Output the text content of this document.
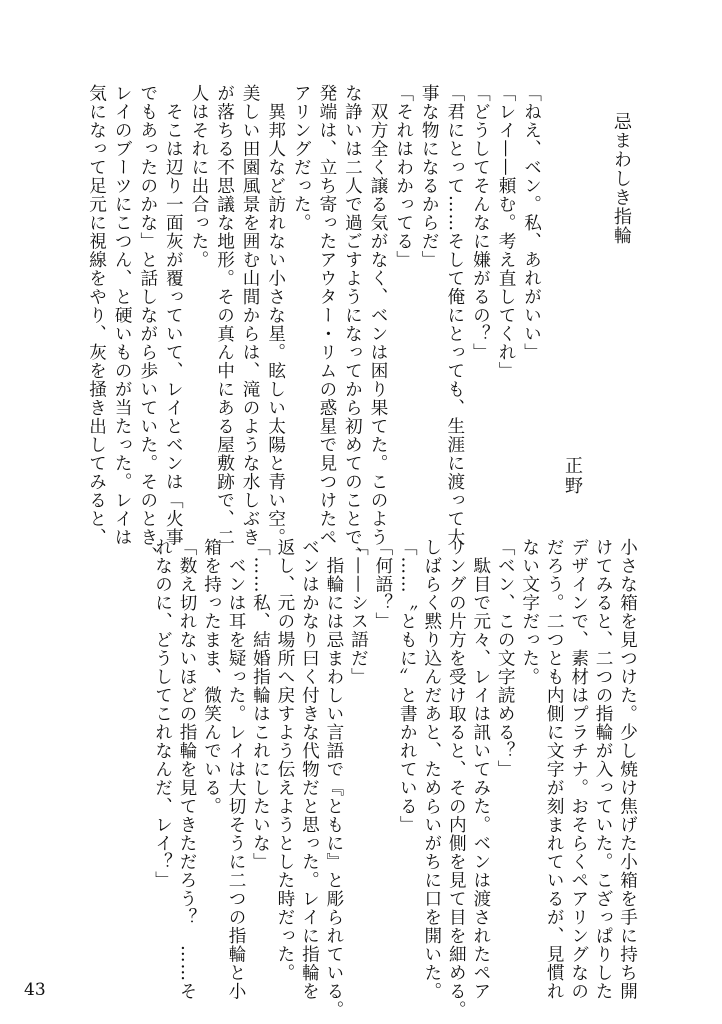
忌まわしき指輪
正野
「ねえ、ベン。私、あれがいい」
「レイ——頼む。考え直してくれ」
「どうしてそんなに嫌がるの？」
「君にとって……そして俺にとっても、生涯に渡って大
事な物になるからだ」
「それはわかってる」
　双方全く譲る気がなく、ベンは困り果てた。このよう
な諍いは二人で過ごすようになってから初めてのことで、
発端は、立ち寄ったアウター・リムの惑星で見つけたペ
アリングだった。
　異邦人など訪れない小さな星。眩しい太陽と青い空。
美しい田園風景を囲む山間からは、滝のような水しぶき
が落ちる不思議な地形。その真ん中にある屋敷跡で、二
人はそれに出合った。
　そこは辺り一面灰が覆っていて、レイとベンは「火事
でもあったのかな」と話しながら歩いていた。そのとき、
レイのブーツにこつん、と硬いものが当たった。レイは
気になって足元に視線をやり、灰を掻き出してみると、
小さな箱を見つけた。少し焼け焦げた小箱を手に持ち開
けてみると、二つの指輪が入っていた。こざっぱりした
デザインで、素材はプラチナ。おそらくペアリングなの
だろう。二つとも内側に文字が刻まれているが、見慣れ
ない文字だった。
「ベン、この文字読める？」
　駄目で元々、レイは訊いてみた。ベンは渡されたペア
リングの片方を受け取ると、その内側を見て目を細める。
しばらく黙り込んだあと、ためらいがちに口を開いた。
「……〝ともに〟と書かれている」
「何語？」
「——シス語だ」
　指輪には忌まわしい言語で『ともに』と彫られている。
ベンはかなり曰く付きな代物だと思った。レイに指輪を
返し、元の場所へ戻すよう伝えようとした時だった。
「……私、結婚指輪はこれにしたいな」
　ベンは耳を疑った。レイは大切そうに二つの指輪と小
箱を持ったまま、微笑んでいる。
「数え切れないほどの指輪を見てきただろう？　……そ
れなのに、どうしてこれなんだ、レイ？」
43
